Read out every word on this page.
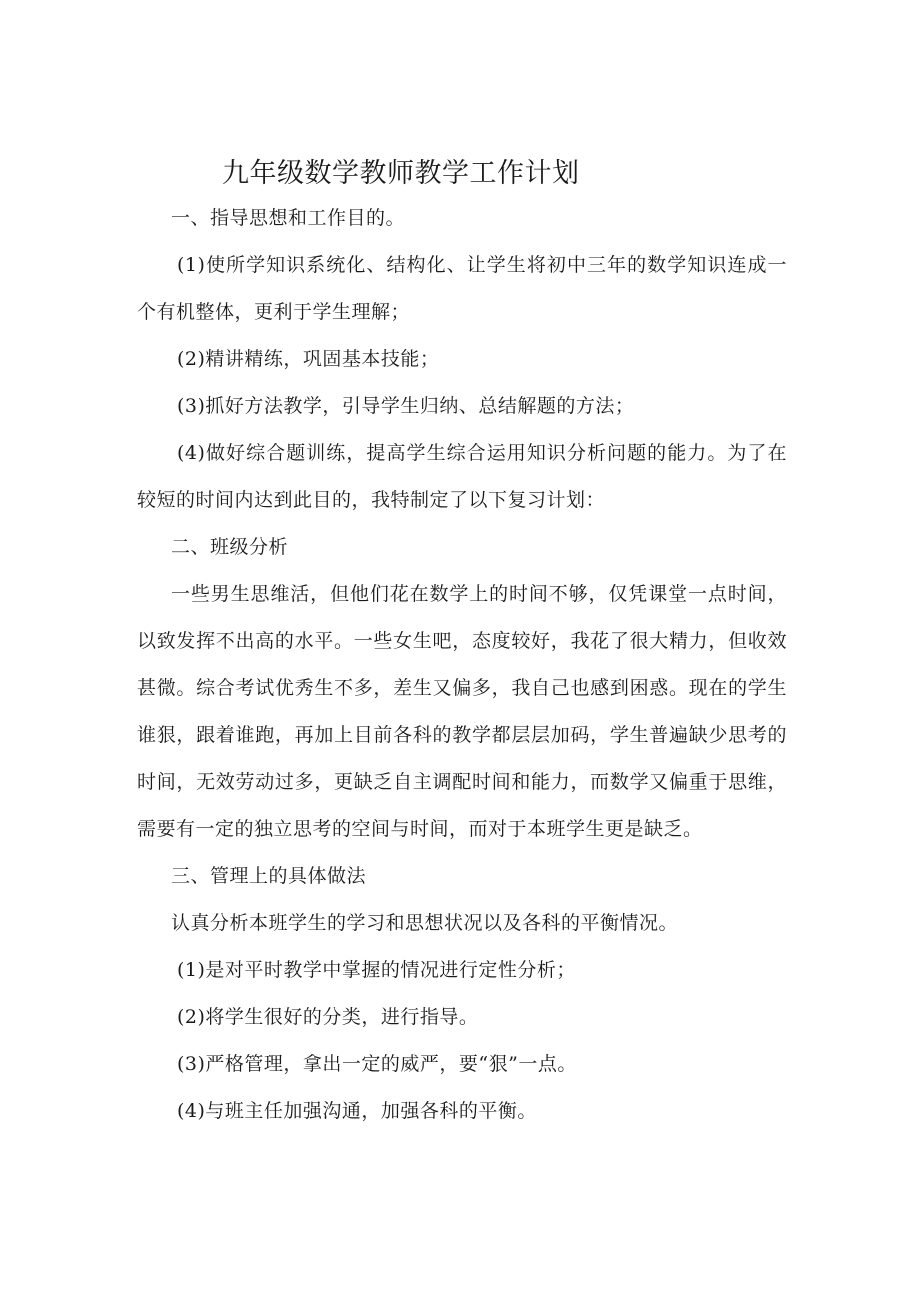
九年级数学教师教学工作计划

一、指导思想和工作目的。

(1)使所学知识系统化、结构化、让学生将初中三年的数学知识连成一个有机整体，更利于学生理解；

(2)精讲精练，巩固基本技能；

(3)抓好方法教学，引导学生归纳、总结解题的方法；

(4)做好综合题训练，提高学生综合运用知识分析问题的能力。为了在较短的时间内达到此目的，我特制定了以下复习计划：

二、班级分析

一些男生思维活，但他们花在数学上的时间不够，仅凭课堂一点时间，以致发挥不出高的水平。一些女生吧，态度较好，我花了很大精力，但收效甚微。综合考试优秀生不多，差生又偏多，我自己也感到困惑。现在的学生谁狠，跟着谁跑，再加上目前各科的教学都层层加码，学生普遍缺少思考的时间，无效劳动过多，更缺乏自主调配时间和能力，而数学又偏重于思维，需要有一定的独立思考的空间与时间，而对于本班学生更是缺乏。

三、管理上的具体做法

认真分析本班学生的学习和思想状况以及各科的平衡情况。

(1)是对平时教学中掌握的情况进行定性分析；

(2)将学生很好的分类，进行指导。

(3)严格管理，拿出一定的威严，要“狠”一点。

(4)与班主任加强沟通，加强各科的平衡。
